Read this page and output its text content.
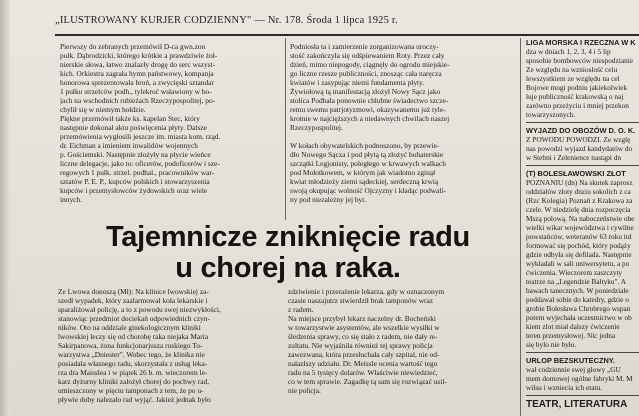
„ILUSTROWANY KURJER CODZIENNY" — Nr. 178. Środa 1 lipca 1925 r.
Pierwszy do zebranych przemówił D-ca gwn.zon
pułk. Dąbrodzicki, którego krótkie a prawdziwie żoł-
nierskie słowa, łatwo znalazły drogę do serc wszyst-
kich. Orkiestra zagrała hymn państwowy, kompanja
honorowa sprezentowała broń, a zwycięski sztandar
1 pułku strzelców podh., tylekroć wsławiony w bo-
jach na wschodnich rubieżach Rzeczypospolitej, po-
chylił się w niemym hołdzie.
Piękne przemówił także ks. kapelan Stec, który
następnie dokonał aktu poświęcenia płyty. Dalsze
przemówienia wygłosili jeszcze im. miasta kom. rząd.
dr. Eichman a imieniem inwalidów wojennych
p. Gościemski. Następnie złożyły na płycie wieńce
liczne delegacje, jako to: oficerów, podoficerów i sze-
regowych 1 pułk. strzel. podhal., pracowników war-
sztatów P. E. P., kupców polskich i stowarzyszenia
kupców i przemysłowców żydowskich oraz wiele
innych.
Podniosła ta i zamierzenie zorganizowana uroczy-
stość zakończyła się odśpiewaniem Roty. Przez cały
dzień, mimo niepogody, ciągnęły do ogrodu miejskie-
go liczne rzesze publiczności, znosząc cała naręcza
kwiatów i zasypując niemi fundamenta płyty.
Żywiołową tą manifestacją złożył Nowy Sącz jako
stolica Podhala ponownie chlubne świadectwo szcze-
remu swemu patrjotyzmowi, okazywanemu już tyle-
krotnie w najcięższych a niedawnych chwilach naszej
Rzeczypospolitej.

W kołach obywatelskich podnoszono, by przewie-
dło Nowego Sącza i pod płytą tą złożyć bohaterskie
szczątki Legjonisty, poległego w krwawych walkach
pod Mołotkowem, w którym jak wiadomo zginął
kwiat młodzieży ziemi sądeckiej, serdeczną krwią
swoją okupując wolność Ojczyzny i kładąc podwali-
ny pod niezależny jej byt.
Tajemnicze zniknięcie radu
u chorej na raka.
Ze Lwowa donoszą (Mł): Na klinice lwowskiej za-
szedł wypadek, który zaalarmował koła lekarskie i
sparaliżował policję, a to z powodu swej niezwykłości,
stanowiąc przedmiot dociekań odpowiednich czyn-
ników. Oto na oddziale ginekologicznym kliniki
lwowskiej leczy się od chorobę raka niejaka Maria
Sakirpanowa, żona funkcjonarjusza ruskiego To-
warzystwa „Dniester". Wobec tego, że klinika nie
posiadała własnego radu, skorzystała z usług leka-
rza dra Maisslea i w piątek 26 b. m. wieczorem le-
karz dyżurny kliniki założył chorej do pochwy rad,
umieszczony w pięciu tamponach z tem, że po u-
pływie doby nalezało rad wyjąć. Jakież jednak było
zdziwienie i przerażenie lekarza, gdy w oznaczonym
czasie naszajutrz stwierdził brak tamponów wraz
z radem.
Na miejsce przybył lekarz naczelny dr. Bocheński
w towarzystwie asystentów, ale wszelkie wysiłki w
śledzenia sprawy, co się stało z radem, nie dały re-
zultatu. Nie wyjaśniła również tej sprawy policja
zawezwana, która przesłuchała cały szpital, nie od-
nalazłszy udziału. Dr. Meissle ocenia wartość tego
radu na 5 tysięcy dolarów. Właściwie niewiedzieć,
co w tem sprawie. Zagadkę tą sam się rozwiązać usil-
nie policja.
LIGA MORSKA I RZECZNA W K
dza w dniach 1, 2, 3, 4 i 5 lip
sposobie bombowców niespodzianie
Ze względu na wzniosłość celu
lewszystkiem ze względu na cel
Bojowe mogi podniu jakiekolwiek
łuje publiczność krakowską o naj
zarówno przeżyciu i mniej przekon
towarzyszonych.
WYJAZD DO OBOZÓW D. O. K.
Z POWODU POWODZI. Ze wzglę
nas powodzi wyjazd kandydatów do
w Stebni i Zelenience nastąpi dn
(T) BOLESŁAWOWSKI ZŁOT
POZNANIU (dn) Na skutek zaprosz
oddziałów złoty dnziu sokolich z ca
(Rzc Kolegia) Poznań z Krakowa za
czele. W niedzielę dnia rozpoczęcia
Mszą polową. Na naboczeństwie obe
wielki wikar województwa i cywilne
powstańców, weteranów 63 roku itd
formować się pochód, który podąży
gdzie odbyła się defilada. Następnie
wykładali w sali uniwersytetu, a po
ćwiczenia. Wieczorem zaszczyty
teatrze na „Legendzie Bałtyku". A
bawach tanecznych. W poniedziałe
poddawał sobie do katedry, gdzie o
grobie Bolesława Chrobrego wspan
potem wyjechała uczestnictwo w ob
kiem zlot miał dalszy ćwiczenie
teren przemysłowej. Nic jedna
się bylo nie było.
URLOP BEZSKUTECZNY.
wał codziennie swej głowy „GU
mem domowej ogólne fabryki M. M
wilsu i wzniecia ich etatu.
TEATR, LITERATURA
